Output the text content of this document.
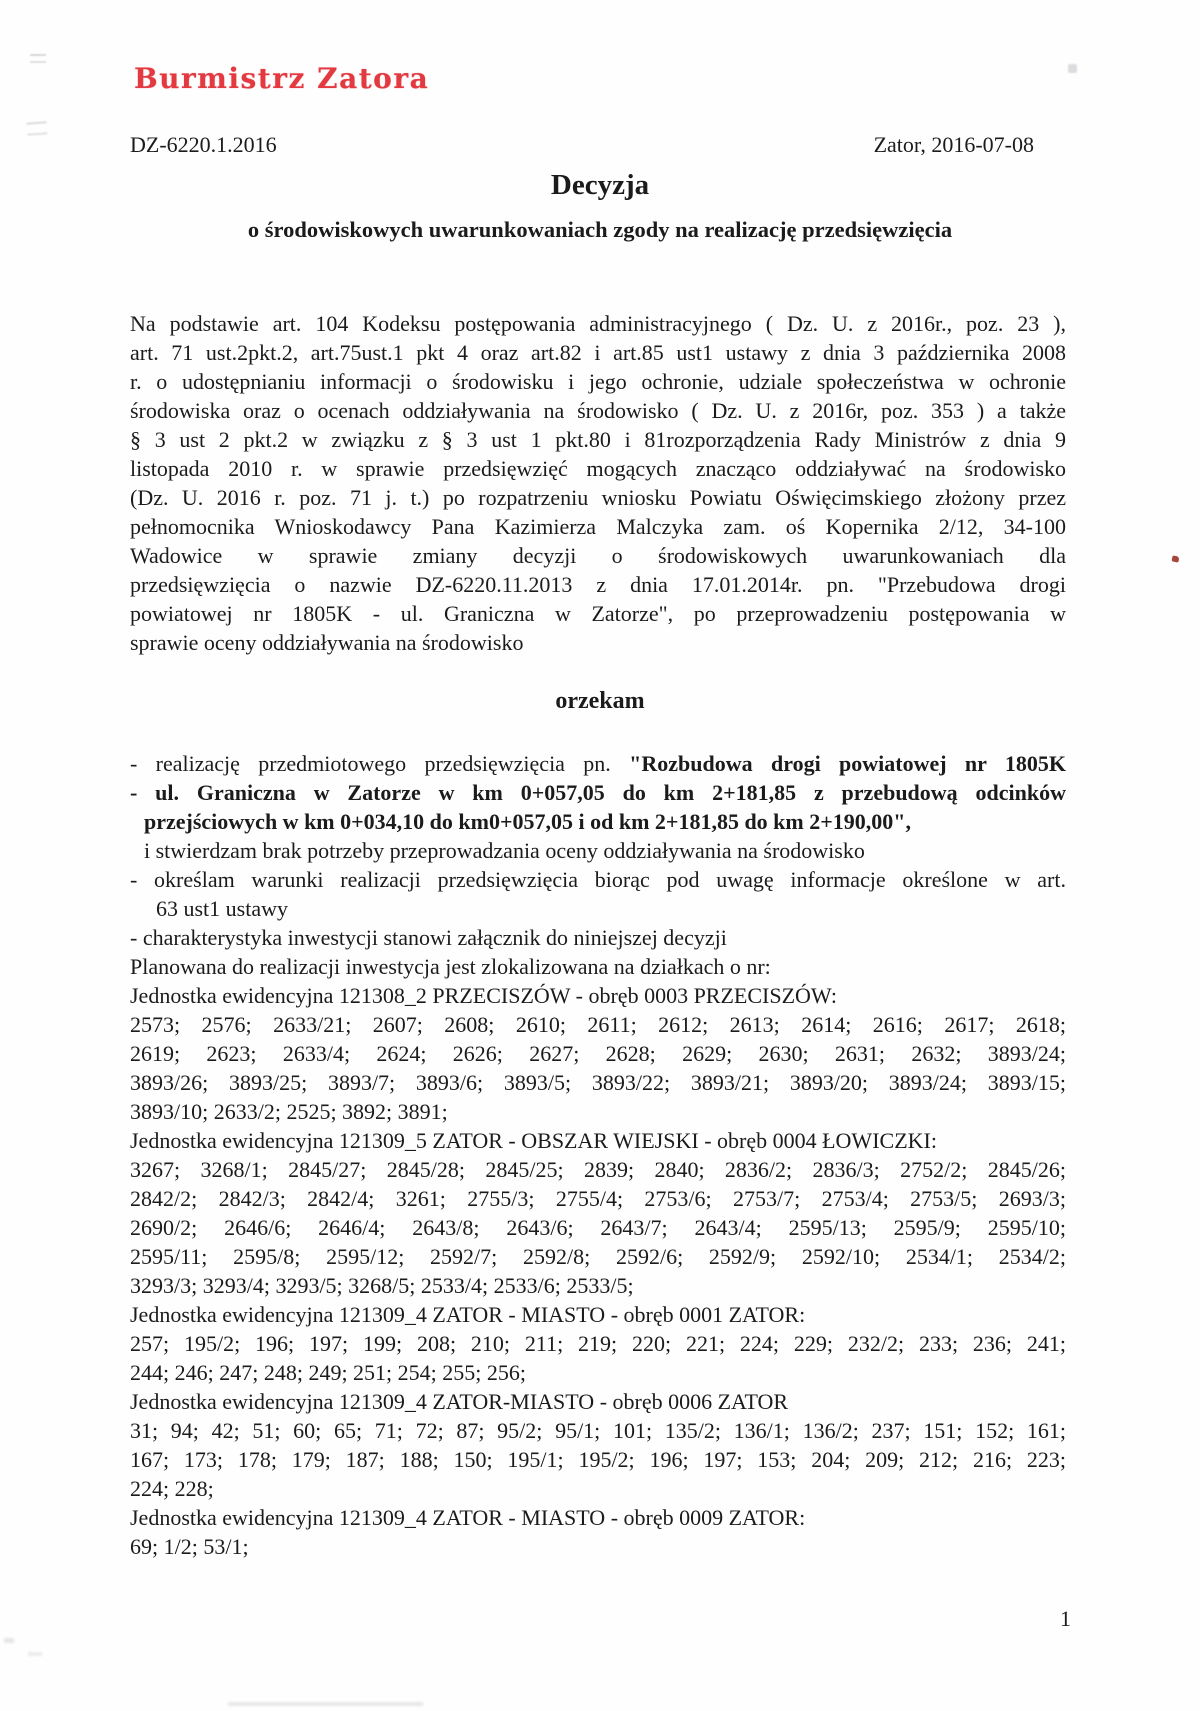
Burmistrz Zatora
DZ-6220.1.2016	Zator, 2016-07-08
Decyzja
o środowiskowych uwarunkowaniach zgody na realizację przedsięwzięcia
Na podstawie art. 104 Kodeksu postępowania administracyjnego ( Dz. U. z 2016r., poz. 23 ),
art. 71 ust.2pkt.2, art.75ust.1 pkt 4 oraz art.82 i art.85 ust1 ustawy z dnia 3 października 2008
r. o udostępnianiu informacji o środowisku i jego ochronie, udziale społeczeństwa w ochronie
środowiska oraz o ocenach oddziaływania na środowisko ( Dz. U. z 2016r, poz. 353 ) a także
§ 3 ust 2 pkt.2 w związku z § 3 ust 1 pkt.80 i 81rozporządzenia Rady Ministrów z dnia 9
listopada 2010 r. w sprawie przedsięwzięć mogących znacząco oddziaływać na środowisko
(Dz. U. 2016 r. poz. 71 j. t.) po rozpatrzeniu wniosku Powiatu Oświęcimskiego złożony przez
pełnomocnika Wnioskodawcy Pana Kazimierza Malczyka zam. oś Kopernika 2/12, 34-100
Wadowice w sprawie zmiany decyzji o środowiskowych uwarunkowaniach dla
przedsięwzięcia o nazwie DZ-6220.11.2013 z dnia 17.01.2014r. pn. "Przebudowa drogi
powiatowej nr 1805K - ul. Graniczna w Zatorze", po przeprowadzeniu postępowania w
sprawie oceny oddziaływania na środowisko
orzekam
- realizację przedmiotowego przedsięwzięcia pn. "Rozbudowa drogi powiatowej nr 1805K
- ul. Graniczna w Zatorze w km 0+057,05 do km 2+181,85 z przebudową odcinków
przejściowych w km 0+034,10 do km0+057,05 i od km 2+181,85 do km 2+190,00",
i stwierdzam brak potrzeby przeprowadzania oceny oddziaływania na środowisko
- określam warunki realizacji przedsięwzięcia biorąc pod uwagę informacje określone w art.
63 ust1 ustawy
- charakterystyka inwestycji stanowi załącznik do niniejszej decyzji
Planowana do realizacji inwestycja jest zlokalizowana na działkach o nr:
Jednostka ewidencyjna 121308_2 PRZECISZÓW - obręb 0003 PRZECISZÓW:
2573; 2576; 2633/21; 2607; 2608; 2610; 2611; 2612; 2613; 2614; 2616; 2617; 2618;
2619; 2623; 2633/4; 2624; 2626; 2627; 2628; 2629; 2630; 2631; 2632; 3893/24;
3893/26; 3893/25; 3893/7; 3893/6; 3893/5; 3893/22; 3893/21; 3893/20; 3893/24; 3893/15;
3893/10; 2633/2; 2525; 3892; 3891;
Jednostka ewidencyjna 121309_5 ZATOR - OBSZAR WIEJSKI - obręb 0004 ŁOWICZKI:
3267; 3268/1; 2845/27; 2845/28; 2845/25; 2839; 2840; 2836/2; 2836/3; 2752/2; 2845/26;
2842/2; 2842/3; 2842/4; 3261; 2755/3; 2755/4; 2753/6; 2753/7; 2753/4; 2753/5; 2693/3;
2690/2; 2646/6; 2646/4; 2643/8; 2643/6; 2643/7; 2643/4; 2595/13; 2595/9; 2595/10;
2595/11; 2595/8; 2595/12; 2592/7; 2592/8; 2592/6; 2592/9; 2592/10; 2534/1; 2534/2;
3293/3; 3293/4; 3293/5; 3268/5; 2533/4; 2533/6; 2533/5;
Jednostka ewidencyjna 121309_4 ZATOR - MIASTO - obręb 0001 ZATOR:
257; 195/2; 196; 197; 199; 208; 210; 211; 219; 220; 221; 224; 229; 232/2; 233; 236; 241;
244; 246; 247; 248; 249; 251; 254; 255; 256;
Jednostka ewidencyjna 121309_4 ZATOR-MIASTO - obręb 0006 ZATOR
31; 94; 42; 51; 60; 65; 71; 72; 87; 95/2; 95/1; 101; 135/2; 136/1; 136/2; 237; 151; 152; 161;
167; 173; 178; 179; 187; 188; 150; 195/1; 195/2; 196; 197; 153; 204; 209; 212; 216; 223;
224; 228;
Jednostka ewidencyjna 121309_4 ZATOR - MIASTO - obręb 0009 ZATOR:
69; 1/2; 53/1;
1
